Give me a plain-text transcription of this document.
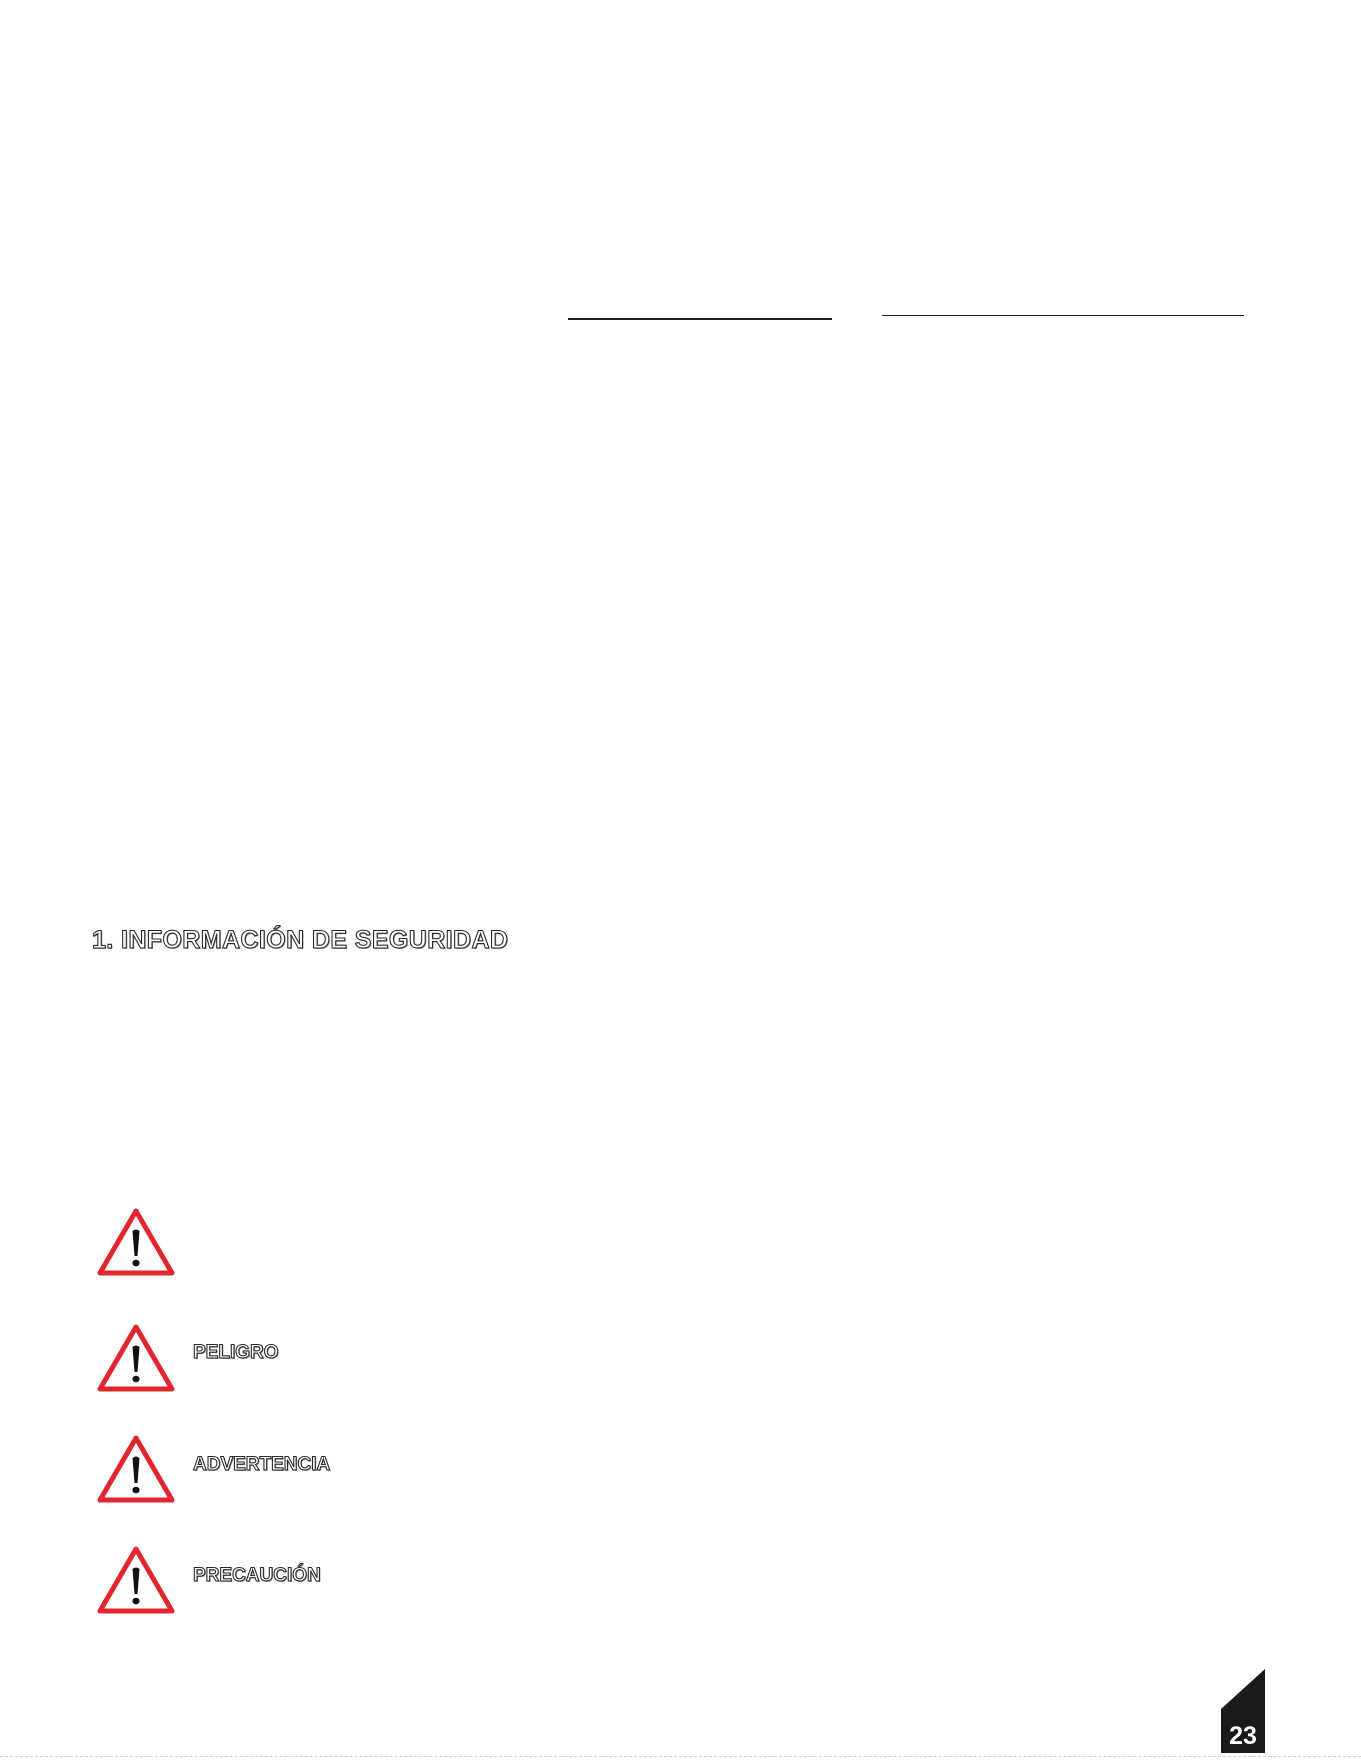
1. INFORMACIÓN DE SEGURIDAD
PELIGRO
ADVERTENCIA
PRECAUCIÓN
23
